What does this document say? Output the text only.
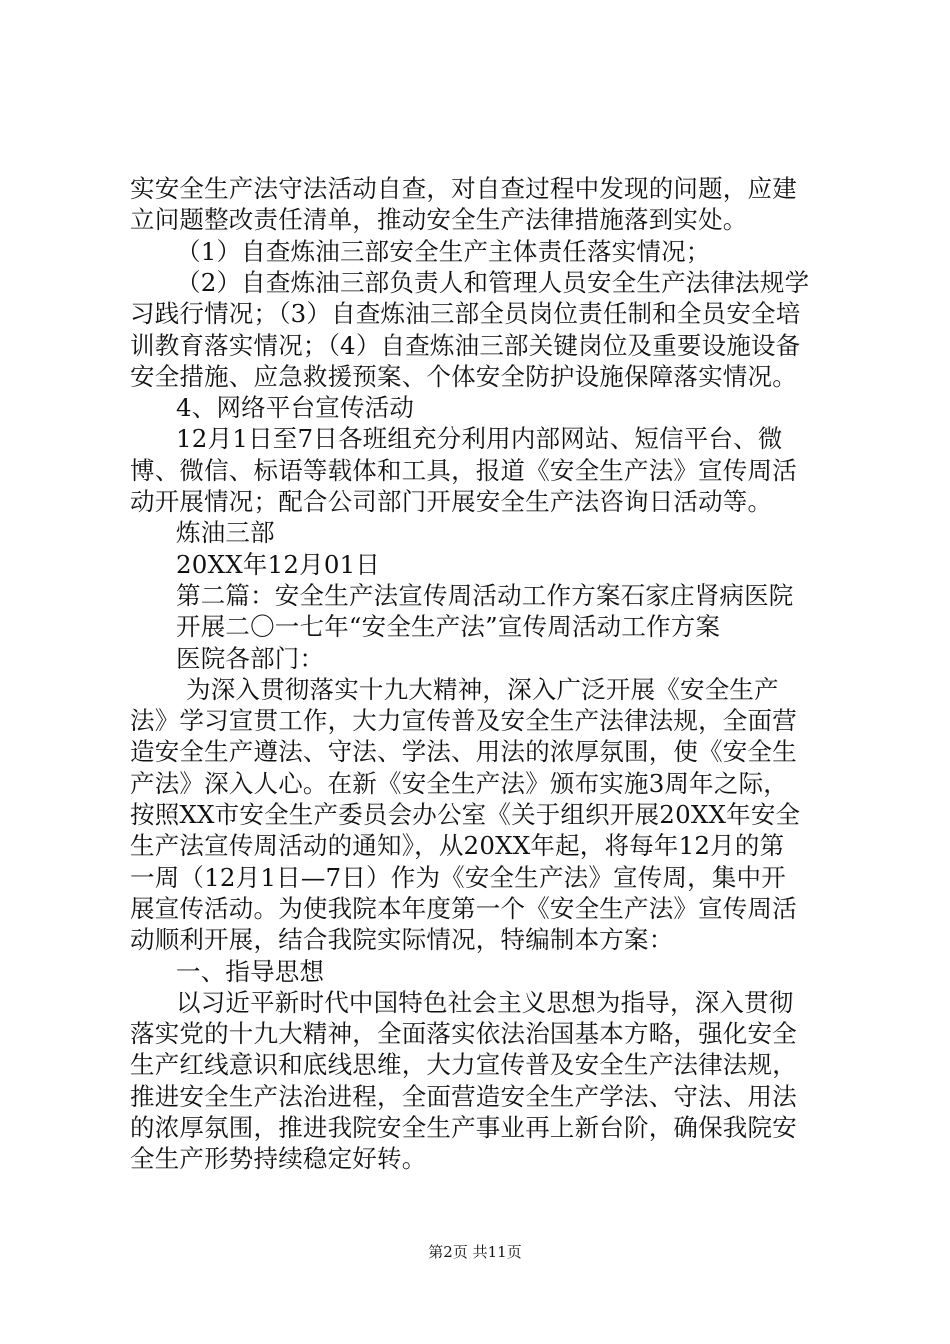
实安全生产法守法活动自查，对自查过程中发现的问题，应建
立问题整改责任清单，推动安全生产法律措施落到实处。
（1）自查炼油三部安全生产主体责任落实情况；
（2）自查炼油三部负责人和管理人员安全生产法律法规学
习践行情况；（3）自查炼油三部全员岗位责任制和全员安全培
训教育落实情况；（4）自查炼油三部关键岗位及重要设施设备
安全措施、应急救援预案、个体安全防护设施保障落实情况。
4、网络平台宣传活动
12月1日至7日各班组充分利用内部网站、短信平台、微
博、微信、标语等载体和工具，报道《安全生产法》宣传周活
动开展情况；配合公司部门开展安全生产法咨询日活动等。
炼油三部
20XX年12月01日
第二篇：安全生产法宣传周活动工作方案石家庄肾病医院
开展二〇一七年“安全生产法”宣传周活动工作方案
医院各部门：
为深入贯彻落实十九大精神，深入广泛开展《安全生产
法》学习宣贯工作，大力宣传普及安全生产法律法规，全面营
造安全生产遵法、守法、学法、用法的浓厚氛围，使《安全生
产法》深入人心。在新《安全生产法》颁布实施3周年之际，
按照XX市安全生产委员会办公室《关于组织开展20XX年安全
生产法宣传周活动的通知》，从20XX年起，将每年12月的第
一周（12月1日—7日）作为《安全生产法》宣传周，集中开
展宣传活动。为使我院本年度第一个《安全生产法》宣传周活
动顺利开展，结合我院实际情况，特编制本方案：
一、指导思想
以习近平新时代中国特色社会主义思想为指导，深入贯彻
落实党的十九大精神，全面落实依法治国基本方略，强化安全
生产红线意识和底线思维，大力宣传普及安全生产法律法规，
推进安全生产法治进程，全面营造安全生产学法、守法、用法
的浓厚氛围，推进我院安全生产事业再上新台阶，确保我院安
全生产形势持续稳定好转。
第2页 共11页
